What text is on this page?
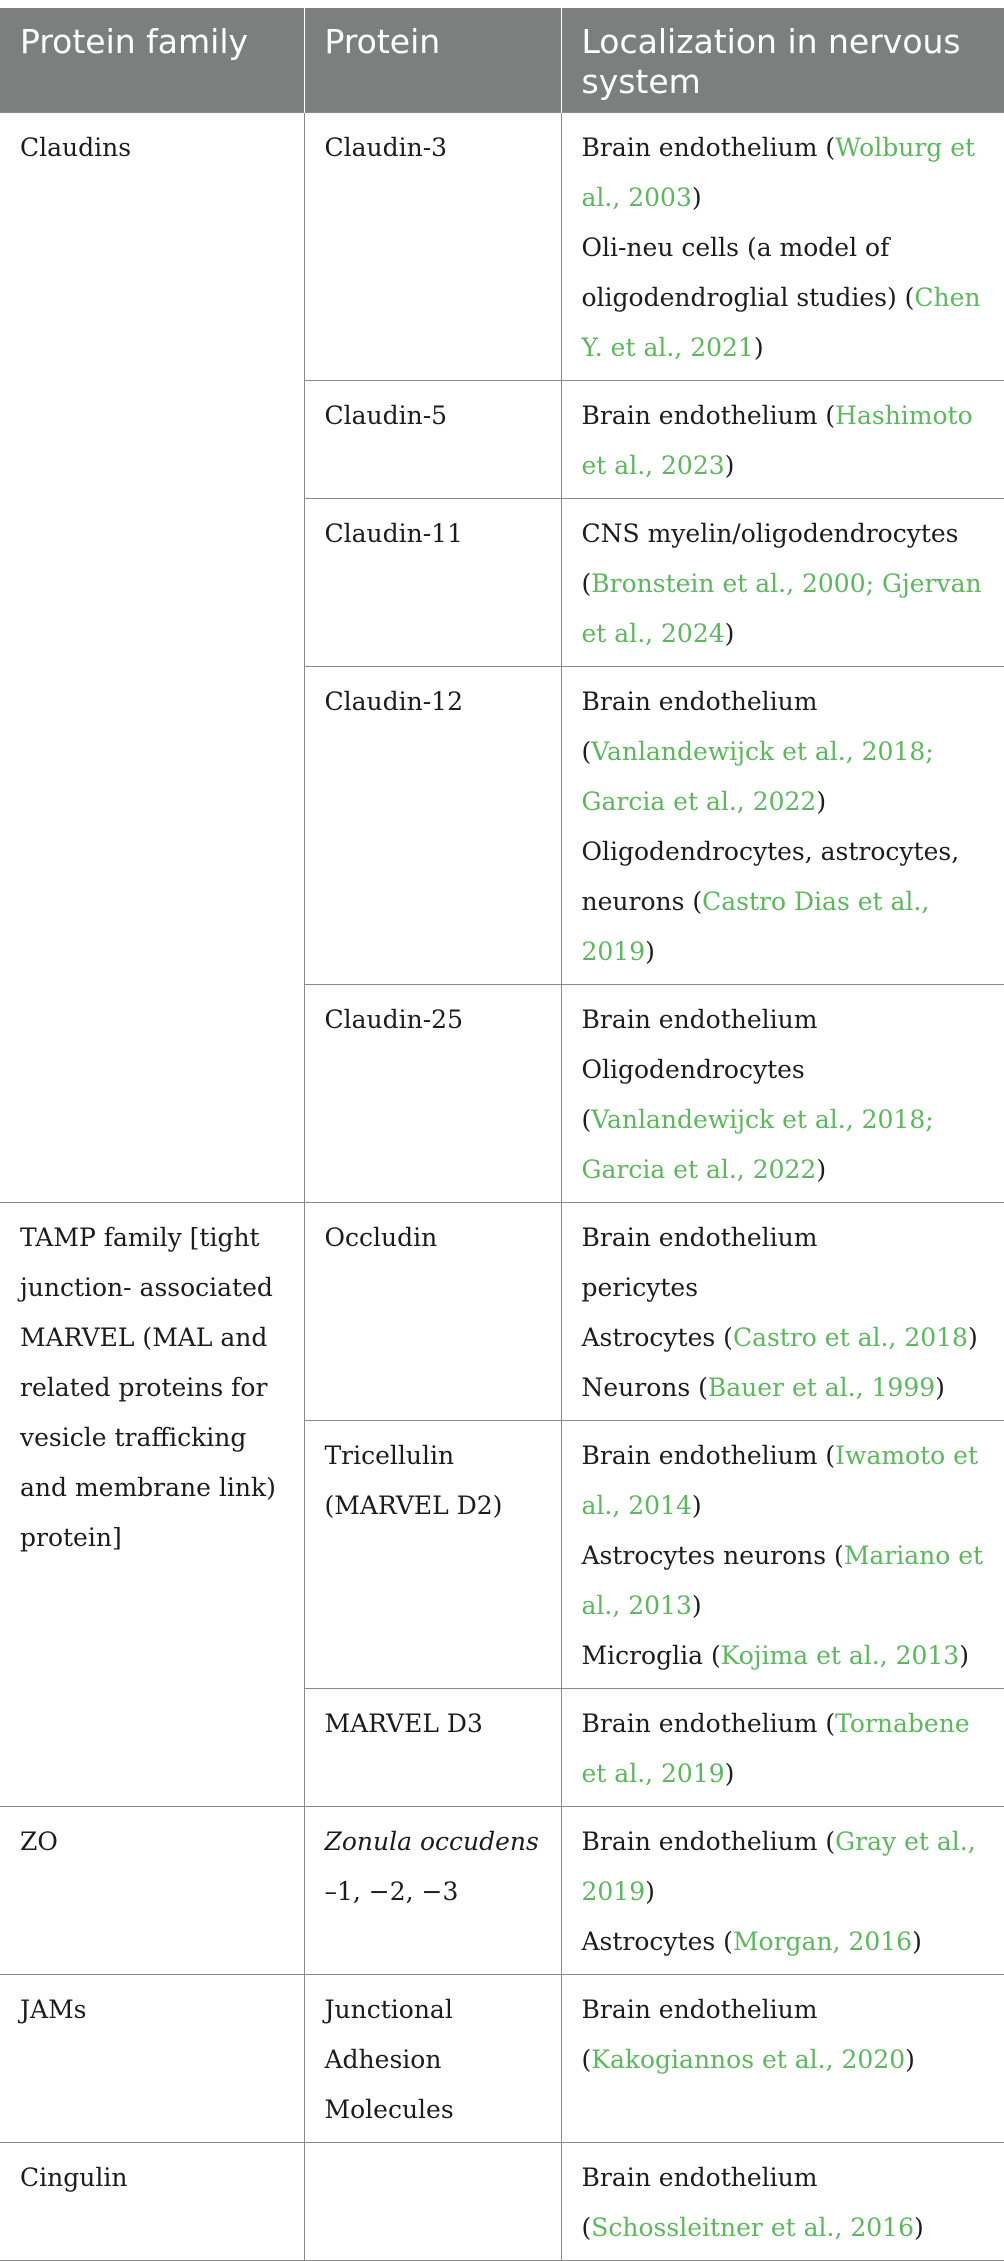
Protein family	Protein	Localization in nervous system
Claudins	Claudin-3	Brain endothelium (Wolburg et al., 2003)
Oli-neu cells (a model of oligodendroglial studies) (Chen Y. et al., 2021)

	Claudin-5	Brain endothelium (Hashimoto et al., 2023)

	Claudin-11	CNS myelin/oligodendrocytes (Bronstein et al., 2000; Gjervan et al., 2024)

	Claudin-12	Brain endothelium (Vanlandewijck et al., 2018; Garcia et al., 2022)
Oligodendrocytes, astrocytes, neurons (Castro Dias et al., 2019)

	Claudin-25	Brain endothelium
Oligodendrocytes (Vanlandewijck et al., 2018; Garcia et al., 2022)

TAMP family [tight junction- associated MARVEL (MAL and related proteins for vesicle trafficking and membrane link) protein]	Occludin	Brain endothelium
pericytes
Astrocytes (Castro et al., 2018)
Neurons (Bauer et al., 1999)

	Tricellulin (MARVEL D2)	Brain endothelium (Iwamoto et al., 2014)
Astrocytes neurons (Mariano et al., 2013)
Microglia (Kojima et al., 2013)

	MARVEL D3	Brain endothelium (Tornabene et al., 2019)

ZO	Zonula occudens –1, −2, −3	Brain endothelium (Gray et al., 2019)
Astrocytes (Morgan, 2016)

JAMs	Junctional Adhesion Molecules	Brain endothelium (Kakogiannos et al., 2020)

Cingulin		Brain endothelium (Schossleitner et al., 2016)
